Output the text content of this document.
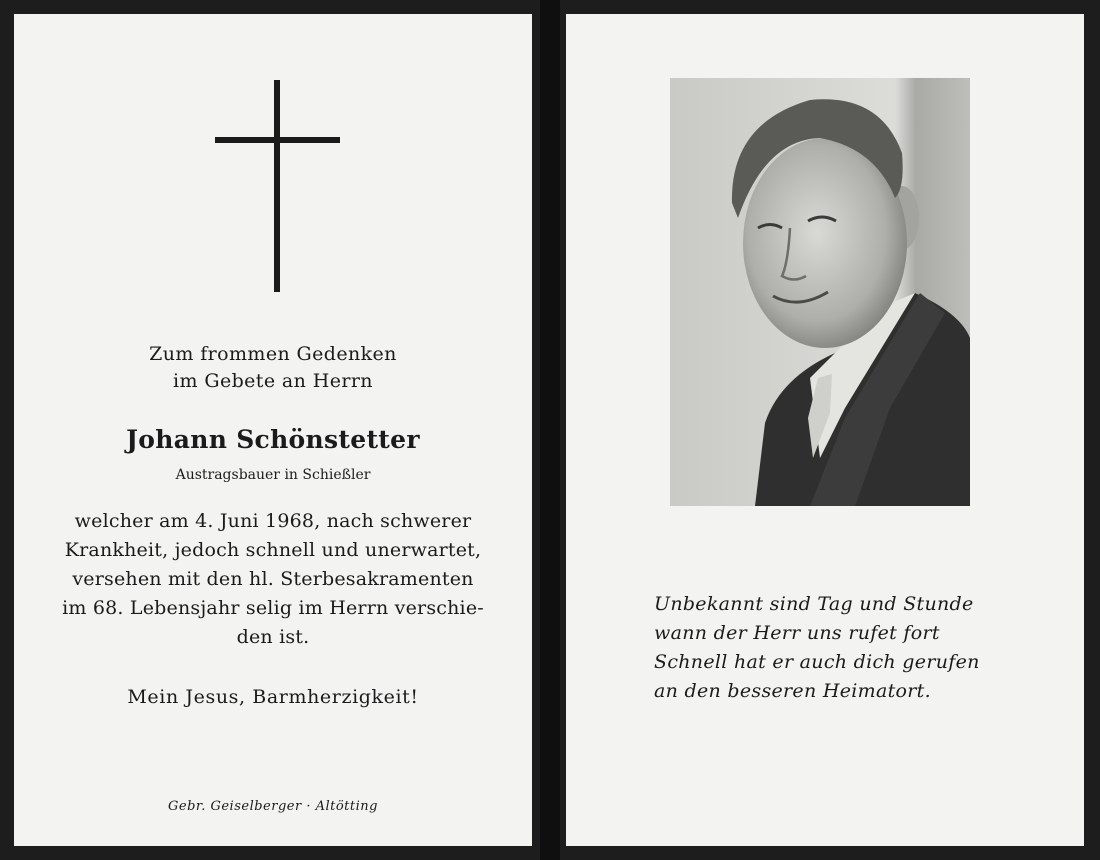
Zum frommen Gedenken
im Gebete an Herrn
Johann Schönstetter
Austragsbauer in Schießler
welcher am 4. Juni 1968, nach schwerer
Krankheit, jedoch schnell und unerwartet,
versehen mit den hl. Sterbesakramenten
im 68. Lebensjahr selig im Herrn verschie-
den ist.
Mein Jesus, Barmherzigkeit!
Gebr. Geiselberger · Altötting
Unbekannt sind Tag und Stunde
wann der Herr uns rufet fort
Schnell hat er auch dich gerufen
an den besseren Heimatort.
